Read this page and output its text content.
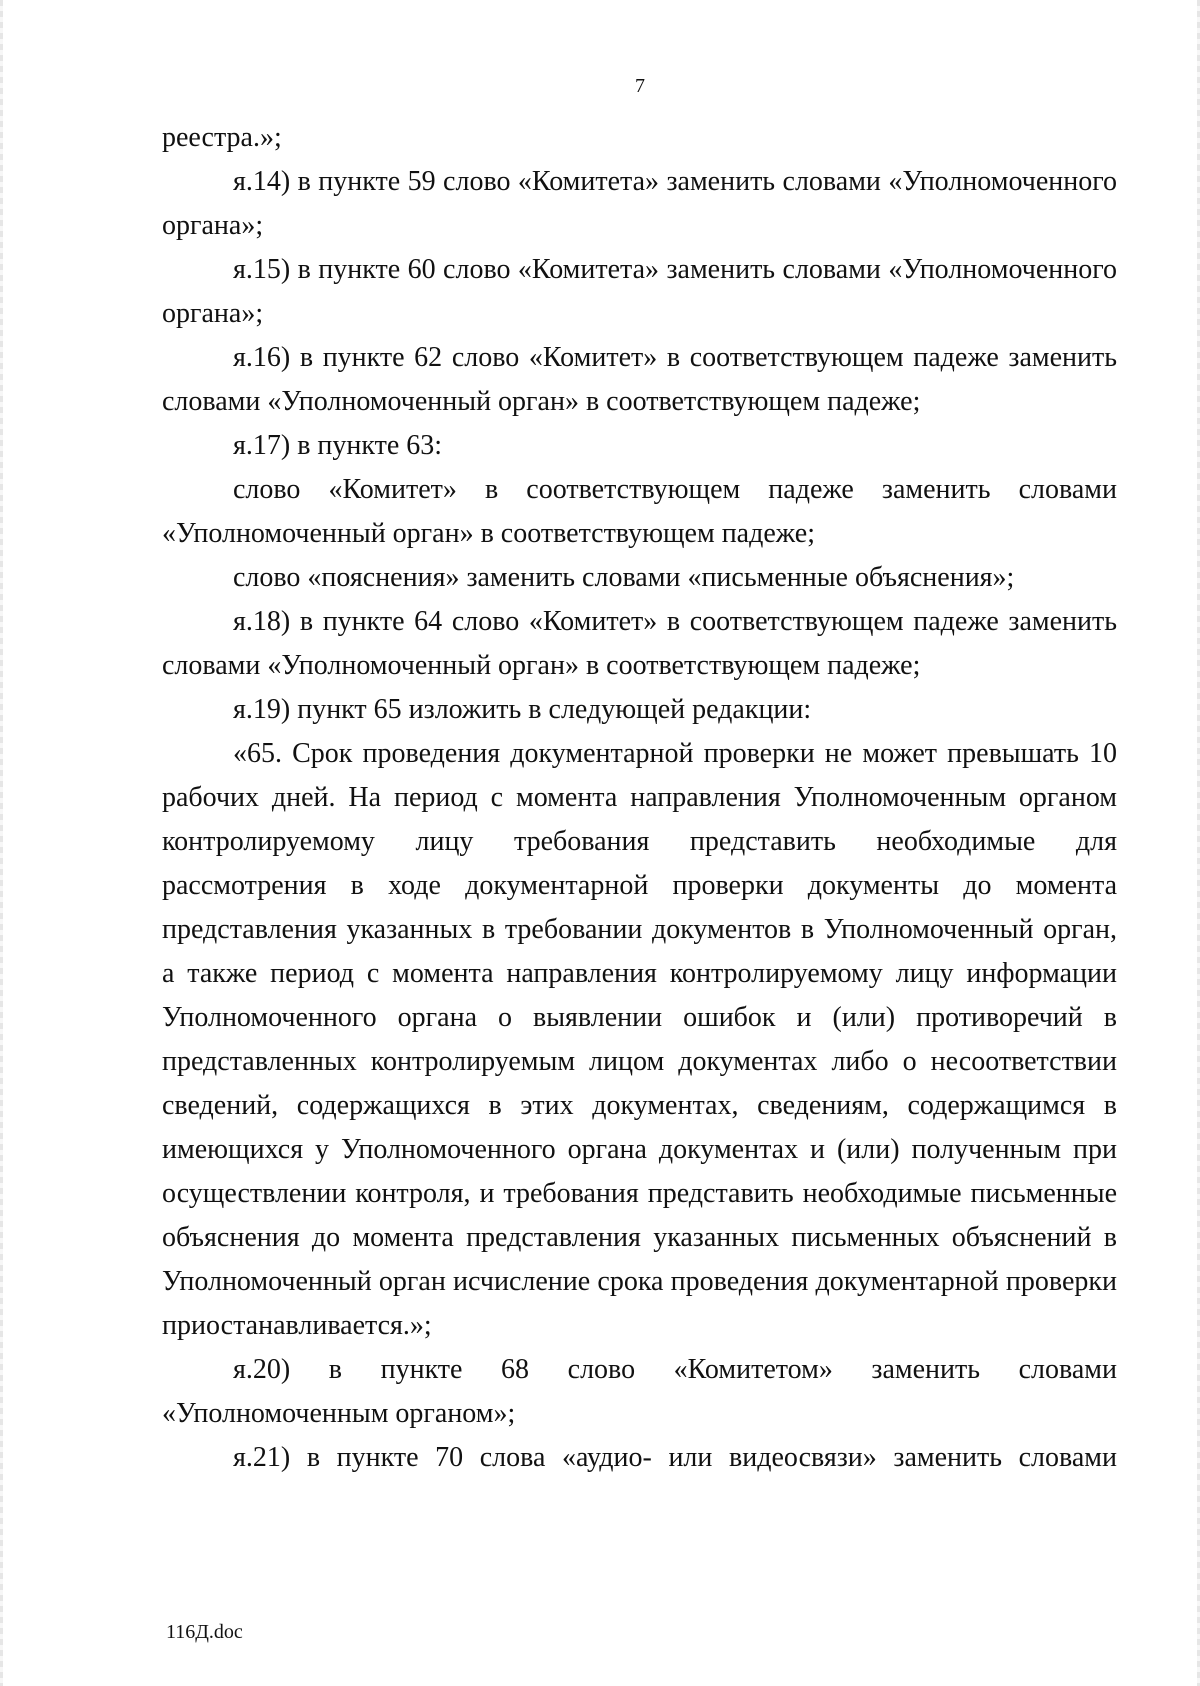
7

реестра.»;

я.14) в пункте 59 слово «Комитета» заменить словами «Уполномоченного органа»;

я.15) в пункте 60 слово «Комитета» заменить словами «Уполномоченного органа»;

я.16) в пункте 62 слово «Комитет» в соответствующем падеже заменить словами «Уполномоченный орган» в соответствующем падеже;

я.17) в пункте 63:

слово «Комитет» в соответствующем падеже заменить словами «Уполномоченный орган» в соответствующем падеже;

слово «пояснения» заменить словами «письменные объяснения»;

я.18) в пункте 64 слово «Комитет» в соответствующем падеже заменить словами «Уполномоченный орган» в соответствующем падеже;

я.19) пункт 65 изложить в следующей редакции:

«65. Срок проведения документарной проверки не может превышать 10 рабочих дней. На период с момента направления Уполномоченным органом контролируемому лицу требования представить необходимые для рассмотрения в ходе документарной проверки документы до момента представления указанных в требовании документов в Уполномоченный орган, а также период с момента направления контролируемому лицу информации Уполномоченного органа о выявлении ошибок и (или) противоречий в представленных контролируемым лицом документах либо о несоответствии сведений, содержащихся в этих документах, сведениям, содержащимся в имеющихся у Уполномоченного органа документах и (или) полученным при осуществлении контроля, и требования представить необходимые письменные объяснения до момента представления указанных письменных объяснений в Уполномоченный орган исчисление срока проведения документарной проверки приостанавливается.»;

я.20) в пункте 68 слово «Комитетом» заменить словами «Уполномоченным органом»;

я.21) в пункте 70 слова «аудио- или видеосвязи» заменить словами

116Д.doc
